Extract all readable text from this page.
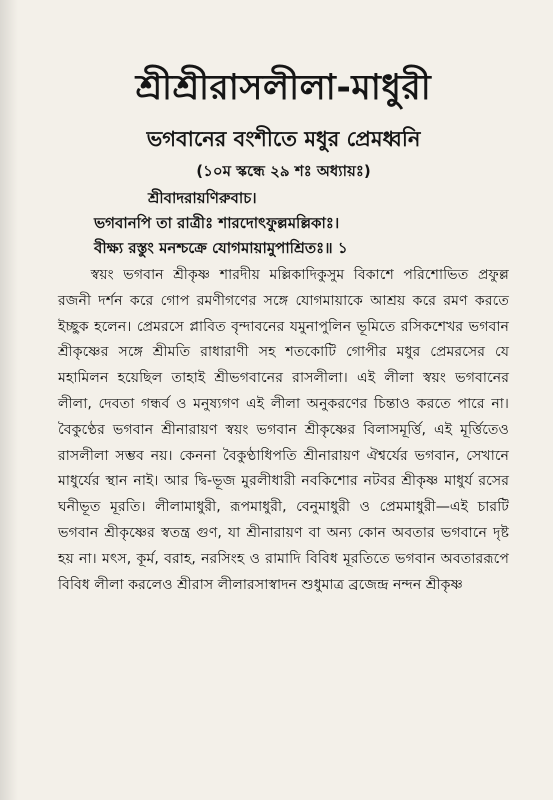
শ্রীশ্রীরাসলীলা-মাধুরী
ভগবানের বংশীতে মধুর প্রেমধ্বনি
(১০ম স্কন্ধে ২৯ শঃ অধ্যায়ঃ)
শ্রীবাদরায়ণিরুবাচ।
ভগবানপি তা রাত্রীঃ শারদোৎফুল্লমল্লিকাঃ।
বীক্ষ্য রস্তুং মনশ্চক্রে যোগমায়ামুপাশ্রিতঃ॥ ১

স্বয়ং ভগবান শ্রীকৃষ্ণ শারদীয় মল্লিকাদিকুসুম বিকাশে পরিশোভিত প্রফুল্ল রজনী দর্শন করে গোপ রমণীগণের সঙ্গে যোগমায়াকে আশ্রয় করে রমণ করতে ইচ্ছুক হলেন। প্রেমরসে প্লাবিত বৃন্দাবনের যমুনাপুলিন ভূমিতে রসিকশেখর ভগবান শ্রীকৃষ্ণের সঙ্গে শ্রীমতি রাধারাণী সহ শতকোটি গোপীর মধুর প্রেমরসের যে মহামিলন হয়েছিল তাহাই শ্রীভগবানের রাসলীলা। এই লীলা স্বয়ং ভগবানের লীলা, দেবতা গন্ধর্ব ও মনুষ্যগণ এই লীলা অনুকরণের চিন্তাও করতে পারে না। বৈকুণ্ঠের ভগবান শ্রীনারায়ণ স্বয়ং ভগবান শ্রীকৃষ্ণের বিলাসমূর্ত্তি, এই মূর্ত্তিতেও রাসলীলা সম্ভব নয়। কেননা বৈকুণ্ঠাধিপতি শ্রীনারায়ণ ঐশ্বর্যের ভগবান, সেখানে মাধুর্যের স্থান নাই। আর দ্বি-ভূজ মুরলীধারী নবকিশোর নটবর শ্রীকৃষ্ণ মাধুর্য রসের ঘনীভূত মূরতি। লীলামাধুরী, রূপমাধুরী, বেনুমাধুরী ও প্রেমমাধুরী—এই চারটি ভগবান শ্রীকৃষ্ণের স্বতন্ত্র গুণ, যা শ্রীনারায়ণ বা অন্য কোন অবতার ভগবানে দৃষ্ট হয় না। মৎস, কূর্ম, বরাহ, নরসিংহ ও রামাদি বিবিধ মূরতিতে ভগবান অবতাররূপে বিবিধ লীলা করলেও শ্রীরাস লীলারসাস্বাদন শুধুমাত্র ব্রজেন্দ্র নন্দন শ্রীকৃষ্ণ
